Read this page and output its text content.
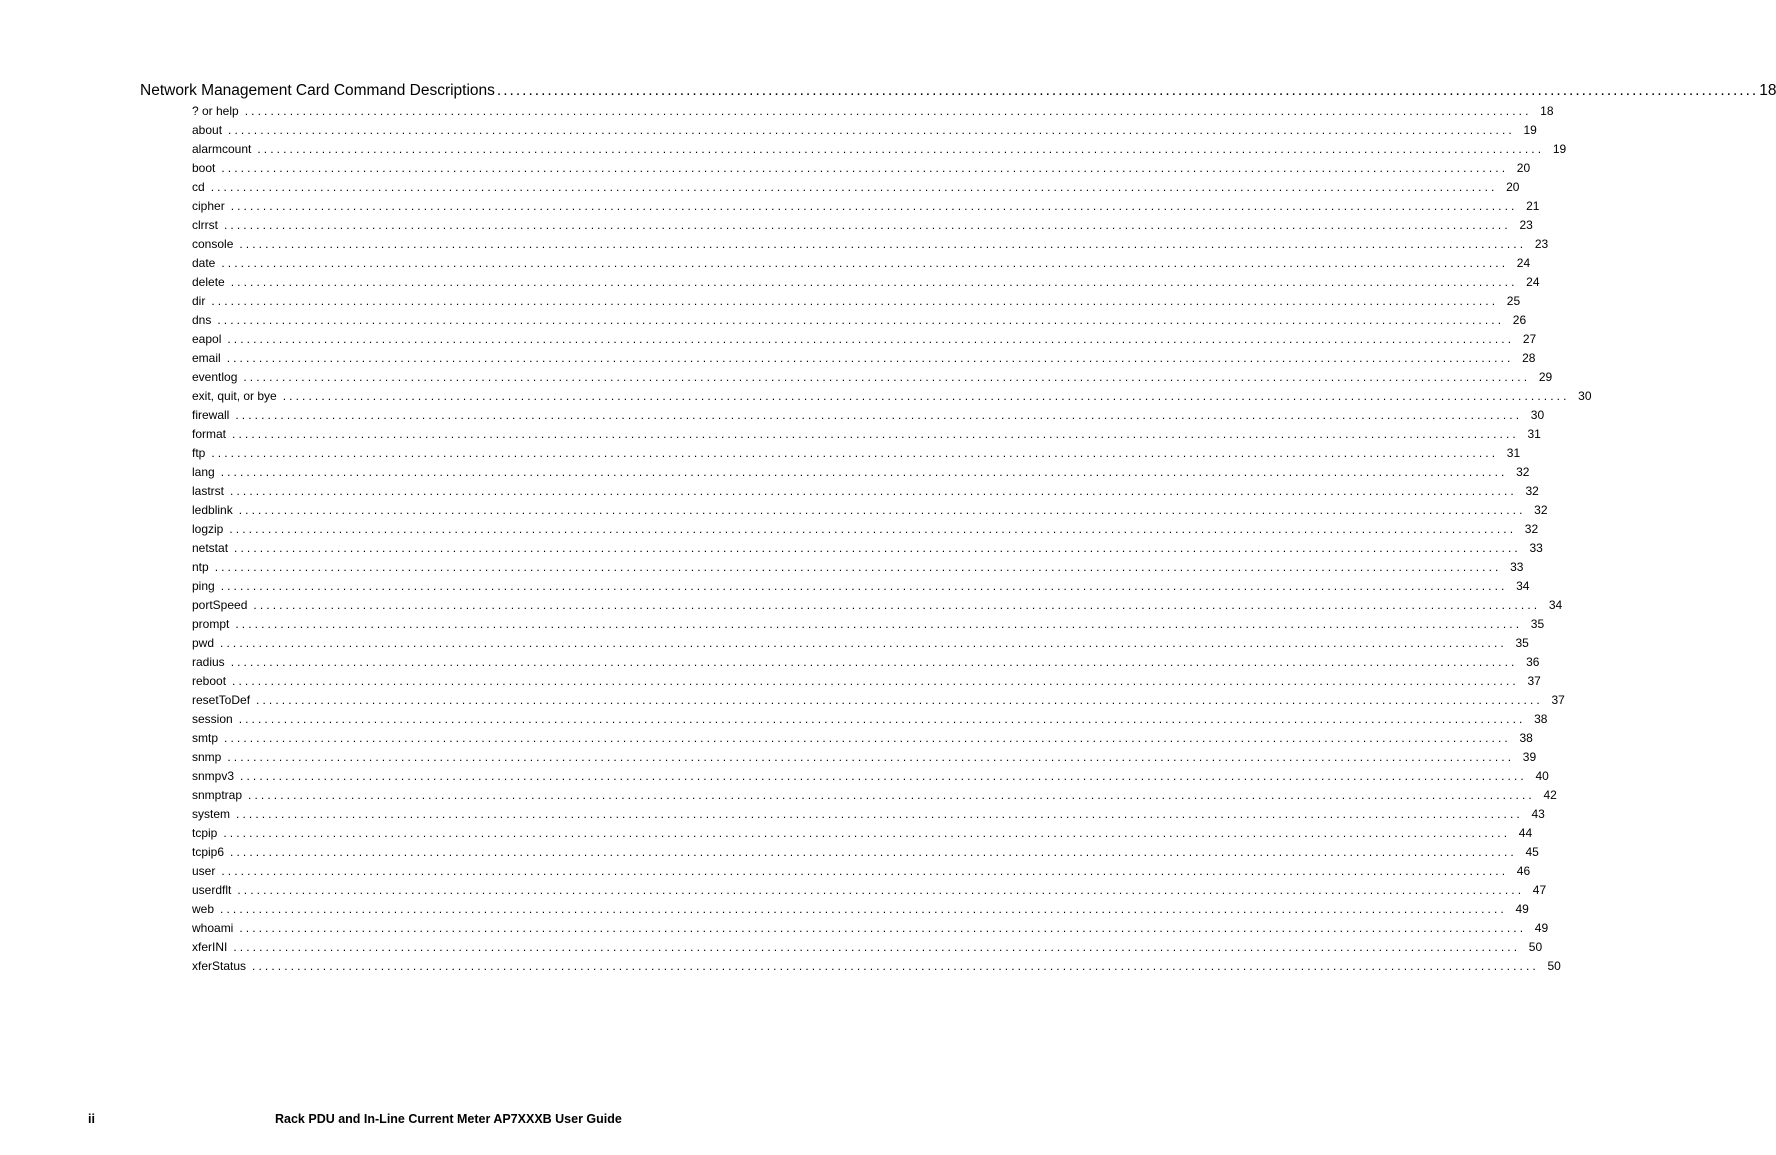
Network Management Card Command Descriptions ........................................................................................................................................................................................................ 18
? or help ........................................................................................................................................................................................................ 18
about ........................................................................................................................................................................................................ 19
alarmcount ........................................................................................................................................................................................................ 19
boot ........................................................................................................................................................................................................ 20
cd ........................................................................................................................................................................................................ 20
cipher ........................................................................................................................................................................................................ 21
clrrst ........................................................................................................................................................................................................ 23
console ........................................................................................................................................................................................................ 23
date ........................................................................................................................................................................................................ 24
delete ........................................................................................................................................................................................................ 24
dir ........................................................................................................................................................................................................ 25
dns ........................................................................................................................................................................................................ 26
eapol ........................................................................................................................................................................................................ 27
email ........................................................................................................................................................................................................ 28
eventlog ........................................................................................................................................................................................................ 29
exit, quit, or bye ........................................................................................................................................................................................................ 30
firewall ........................................................................................................................................................................................................ 30
format ........................................................................................................................................................................................................ 31
ftp ........................................................................................................................................................................................................ 31
lang ........................................................................................................................................................................................................ 32
lastrst ........................................................................................................................................................................................................ 32
ledblink ........................................................................................................................................................................................................ 32
logzip ........................................................................................................................................................................................................ 32
netstat ........................................................................................................................................................................................................ 33
ntp ........................................................................................................................................................................................................ 33
ping ........................................................................................................................................................................................................ 34
portSpeed ........................................................................................................................................................................................................ 34
prompt ........................................................................................................................................................................................................ 35
pwd ........................................................................................................................................................................................................ 35
radius ........................................................................................................................................................................................................ 36
reboot ........................................................................................................................................................................................................ 37
resetToDef ........................................................................................................................................................................................................ 37
session ........................................................................................................................................................................................................ 38
smtp ........................................................................................................................................................................................................ 38
snmp ........................................................................................................................................................................................................ 39
snmpv3 ........................................................................................................................................................................................................ 40
snmptrap ........................................................................................................................................................................................................ 42
system ........................................................................................................................................................................................................ 43
tcpip ........................................................................................................................................................................................................ 44
tcpip6 ........................................................................................................................................................................................................ 45
user ........................................................................................................................................................................................................ 46
userdflt ........................................................................................................................................................................................................ 47
web ........................................................................................................................................................................................................ 49
whoami ........................................................................................................................................................................................................ 49
xferINI ........................................................................................................................................................................................................ 50
xferStatus ........................................................................................................................................................................................................ 50
ii	Rack PDU and In-Line Current Meter AP7XXXB User Guide
